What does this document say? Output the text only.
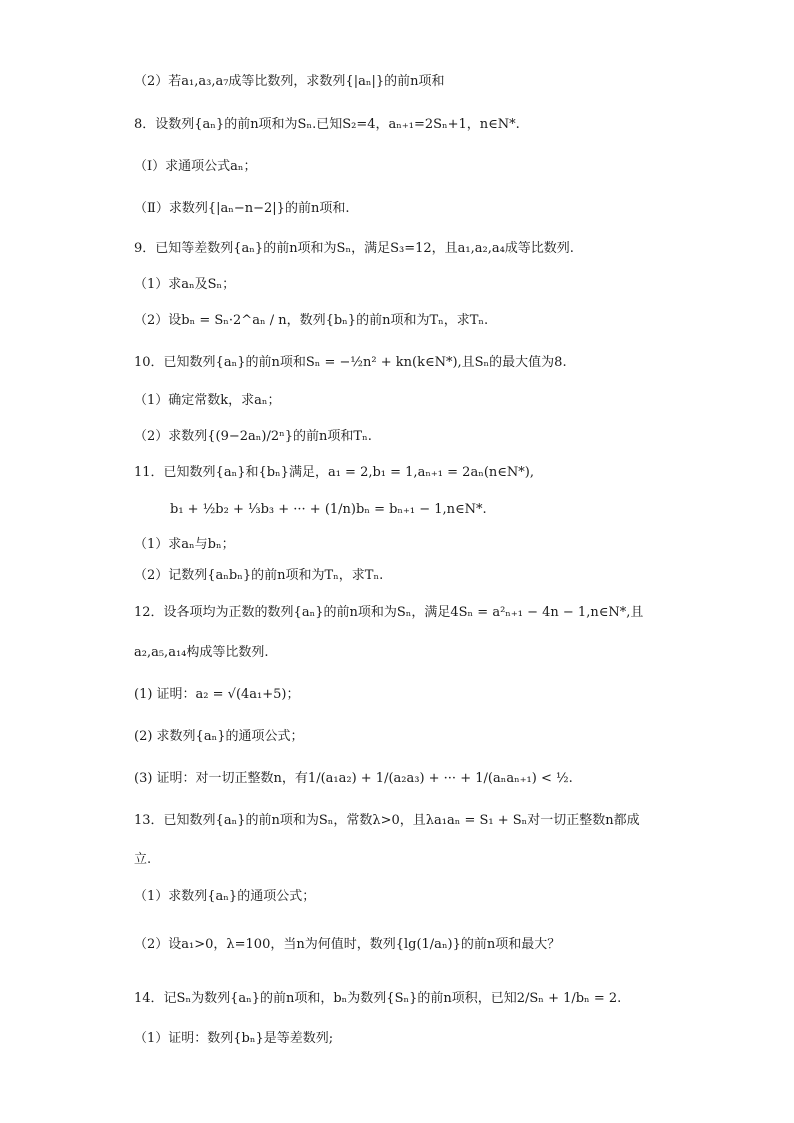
（2）若a₁,a₃,a₇成等比数列，求数列{|aₙ|}的前n项和
8．设数列{aₙ}的前n项和为Sₙ.已知S₂=4，aₙ₊₁=2Sₙ+1，n∈N*.
（Ⅰ）求通项公式aₙ；
（Ⅱ）求数列{|aₙ−n−2|}的前n项和.
9．已知等差数列{aₙ}的前n项和为Sₙ，满足S₃=12，且a₁,a₂,a₄成等比数列.
（1）求aₙ及Sₙ；
（2）设bₙ = Sₙ·2^aₙ / n，数列{bₙ}的前n项和为Tₙ，求Tₙ.
10．已知数列{aₙ}的前n项和Sₙ = −½n² + kn(k∈N*),且Sₙ的最大值为8.
（1）确定常数k，求aₙ；
（2）求数列{(9−2aₙ)/2ⁿ}的前n项和Tₙ.
11．已知数列{aₙ}和{bₙ}满足，a₁ = 2,b₁ = 1,aₙ₊₁ = 2aₙ(n∈N*),
b₁ + ½b₂ + ⅓b₃ + ··· + (1/n)bₙ = bₙ₊₁ − 1,n∈N*.
（1）求aₙ与bₙ；
（2）记数列{aₙbₙ}的前n项和为Tₙ，求Tₙ.
12．设各项均为正数的数列{aₙ}的前n项和为Sₙ，满足4Sₙ = a²ₙ₊₁ − 4n − 1,n∈N*,且
a₂,a₅,a₁₄构成等比数列.
(1) 证明：a₂ = √(4a₁+5)；
(2) 求数列{aₙ}的通项公式；
(3) 证明：对一切正整数n，有1/(a₁a₂) + 1/(a₂a₃) + ··· + 1/(aₙaₙ₊₁) < ½.
13．已知数列{aₙ}的前n项和为Sₙ，常数λ>0，且λa₁aₙ = S₁ + Sₙ对一切正整数n都成
立.
（1）求数列{aₙ}的通项公式；
（2）设a₁>0，λ=100，当n为何值时，数列{lg(1/aₙ)}的前n项和最大？
14．记Sₙ为数列{aₙ}的前n项和，bₙ为数列{Sₙ}的前n项积，已知2/Sₙ + 1/bₙ = 2.
（1）证明：数列{bₙ}是等差数列;
